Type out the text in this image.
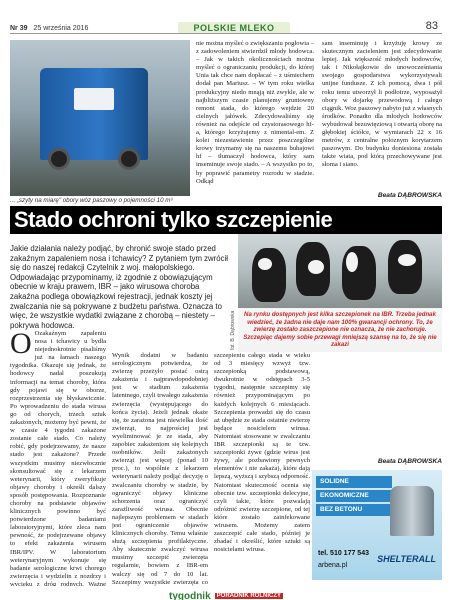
Nr 39 25 września 2016	POLSKIE MLEKO	83
... „szyty na miarę" obory wóz paszowy o pojemności 10 m³
nie można myśleć o zwiększaniu pogłowia – z zadowoleniem stwierdził młody hodowca. – Jak w takich okolicznościach można myśleć o ograniczaniu produkcji, do której Unia tak chce nam dopłacać – z uśmiechem dodał pan Mariusz. – W tym roku wielka produkcyjny niedo mnąją niż zwykle, ale w najbliższym czasie planujemy gruntowny remont stada, do którego wejdzie 20 cielnych jałówek. Zdecydowaliśmy się również na odejście od czystorasowego hf-a, którego krzyżujemy z nimental-em. Z kolei niezestawienie przez poszczególne krowy trzymamy się na naszemu buhajowi hf – tłumaczył hodowca, który sam inseminuje swoje stado. – A wszystko po to, by poprawić parametry rozrodu w stadzie. Odkąd
sam inseminuję i krzyżuję krowy ze skutecznym zacieleniem jest zdecydowanie lepiej. Jak większość młodych hodowców, tak i Nikołajkowie do unowocześniania swojego gospodarstwa wykorzystywali unijne fundusze. Z ich pomocą, dwa i pół roku temu utworzył li podłotrze, wyposażył obory w dojarkę przewodową i całego ciągnik. Woz paszowy nabyto już z własnych środków. Ponadto dla młodych hodowców wybudował bezuwięziową i otwartą oborę na głębokiej ściółce, w wymiarach 22 x 16 metrów, z centralne połoznym korytarzem paszowym. Do budynku doniesiona została także wiata, pod którą przechowywane jest słoma i siano.
Beata DĄBROWSKA
Stado ochroni tylko szczepienie
Jakie działania należy podjąć, by chronić swoje stado przed zakaźnym zapaleniem nosa i tchawicy? Z pytaniem tym zwrócił się do naszej redakcji Czytelnik z woj. małopolskiego. Odpowiadając przypominamy, iż zgodnie z obowiązującym obecnie w kraju prawem, IBR – jako wirusowa choroba zakaźna podlega obowiązkowi rejestracji, jednak koszty jej zwalczania nie są pokrywane z budżetu państwa. Oznacza to więc, że wszystkie wydatki związane z chorobą – niestety – pokrywa hodowca.
Na rynku dostępnych jest kilka szczepionek na IBR. Trzeba jednak wiedzieć, że żadna nie daje nam 100% gwarancji ochrony. To, że zwierzę zostało zaszczepione nie oznacza, że nie zachoruje. Szczepiąc dajemy sobie przewagi mniejszą szansę na to, że się nie zakazi
fot. B. Dąbrowska
O Ozakaźnym zapaleniu nosa i tchawicy u bydła niejednokrotnie pisaliśmy już na łamach naszego tygodnika. Okazuje się jednak, że hodowcy nadal poszukują informacji na temat choroby, która gdy pojawi się w oborze, rozprzestrzenia się błyskawicznie. Po wprowadzeniu do stada wirusa go od chorych, trzech sztuk zakażonych, możemy być pewni, że w czasie 4 tygodni zakażone zostanie całe stado. Co należy robić, gdy podejrzewamy, że nasze stado jest zakażone? Przede wszystkim musimy niezwłocznie skonsultować się z lekarzem weterynarii, który zweryfikuje objawy choroby i określi dalszy sposób postępowania. Rozpoznanie choroby na podstawie objawów klinicznych powinno być potwierdzone badaniami laboratoryjnymi, które zleca nam pewność, że podejrzewane objawy to efekt zakażenia wirusem IBR/IPV. W laboratorium weterynaryjnym wykonuje się badanie serologiczne krwi chorego zwierzęcia i wydzielin z nozdrzy i wycieku z dróg rodnych. Ważne
Wynik dodatni w badaniu serologicznym potwierdza, że zwierzę przeżyło postać ostrą zakażenia i najprawdopodobniej jest w stadium zakażenia latentnego, czyli trwałego zakażenia zwierzęcia (występującego do końca życia). Jeżeli jednak okaże się, że zarażona jest niewielka ilość zwierząt, to najprościej jest wyeliminować je ze stada, aby zapobiec zakażeniom się kolejnych osobników. Jeśli zakażonych zwierząt jest więcej (ponad 10 proc.), to wspólnie z lekarzem weterynarii należy podjąć decyzję o zwalczaniu choroby w stadzie, by ograniczyć objawy kliniczne schorzenia oraz ograniczyć zarażliwość wirusa. Obecnie najlepszym problemem w stadach jest ograniczenie objawów klinicznych choroby. Temu właśnie służą szczepienia profilaktyczne. Aby skutecznie zwalczyć wirusa musimy szczepić zwierzęta regularnie, bowiem z IBR-em walczy się od 7 do 10 lat. Szczepimy wszystkie zwierzęta co
szczepieniu całego stada w wieku od 3 miesięcy wzwyż tzw. szczepionką podstawową, dwukrotnie w odstępach 3-5 tygodni, następnie szczepimy się również przypominającym po każdych kolejnych 6 miesiącach. Szczepienia prowadzi się do czasu aż ubędzie ze stada ostatnie zwierzę będące nosicielem wirusa. Natomiast stosowane w zwalczaniu IBR szczepionki są te tzw. szczepionki żywe (gdzie wirus jest żywy, ale pozbawiony pewnych elementów i nie zakaża), które dają lepszą, wyższą i szybszą odporność. Natomiast skuteczność ocenia się obecnie tzw. szczepionki delecyjne, czyli takie, które pozwalają odróżnić zwierzę szczepione, od tej które zostało zainfekowane wirusem. Możemy zatem zaszczepić całe stado, później je zbadać i określić, które sztuki są nosicielami wirusa.
Beata DĄBROWSKA
SOLIDNE
EKONOMICZNE
BEZ BETONU
tel. 510 177 543
arbena.pl
SHELTERALL
tygodnik PORADNIK ROLNICZY
